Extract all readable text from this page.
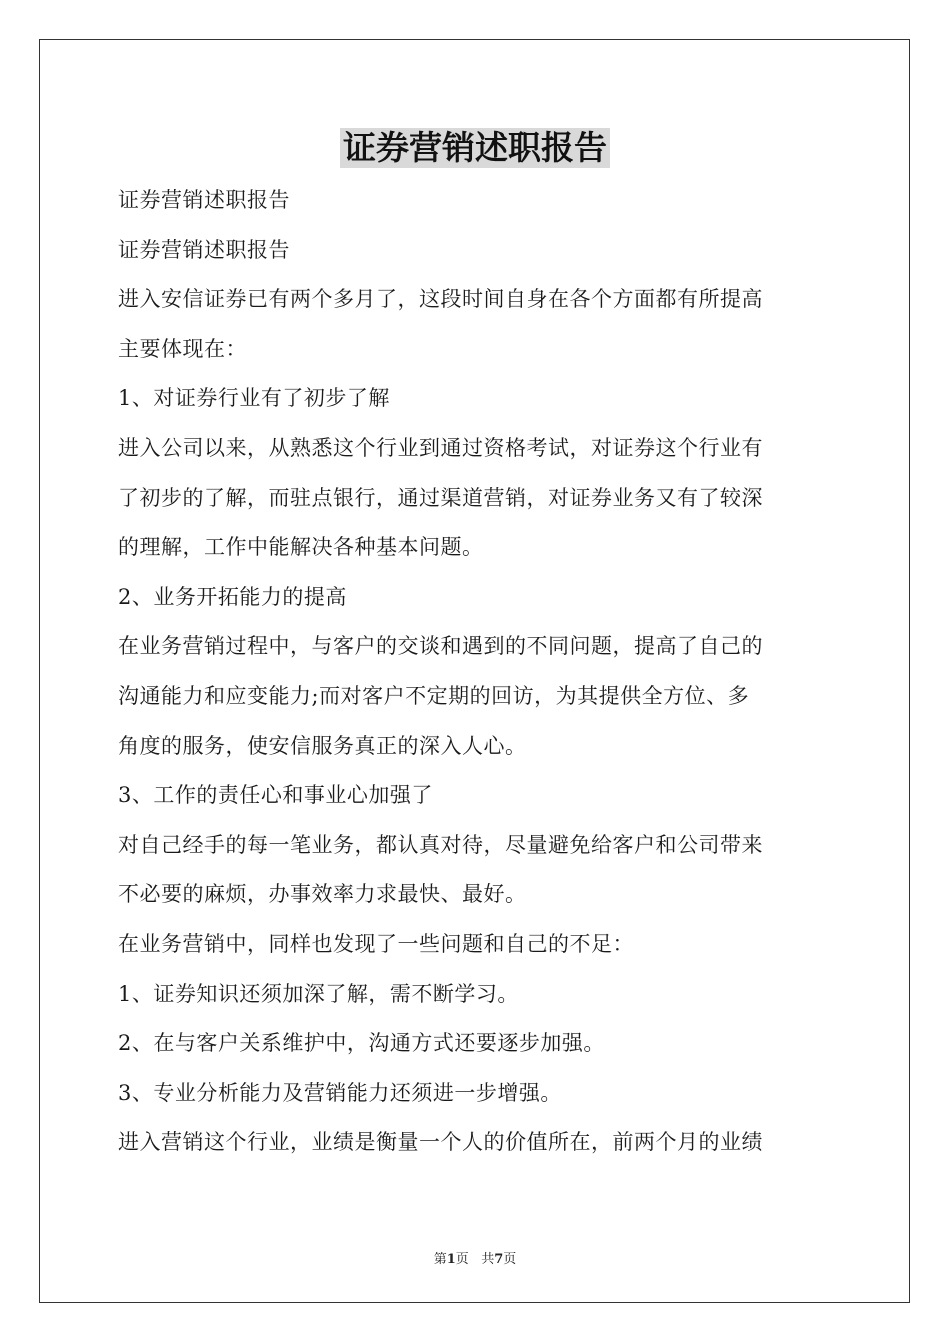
证券营销述职报告

证券营销述职报告

证券营销述职报告

进入安信证券已有两个多月了，这段时间自身在各个方面都有所提高

主要体现在：

1、对证券行业有了初步了解

进入公司以来，从熟悉这个行业到通过资格考试，对证券这个行业有

了初步的了解，而驻点银行，通过渠道营销，对证券业务又有了较深

的理解，工作中能解决各种基本问题。

2、业务开拓能力的提高

在业务营销过程中，与客户的交谈和遇到的不同问题，提高了自己的

沟通能力和应变能力;而对客户不定期的回访，为其提供全方位、多

角度的服务，使安信服务真正的深入人心。

3、工作的责任心和事业心加强了

对自己经手的每一笔业务，都认真对待，尽量避免给客户和公司带来

不必要的麻烦，办事效率力求最快、最好。

在业务营销中，同样也发现了一些问题和自己的不足：

1、证券知识还须加深了解，需不断学习。

2、在与客户关系维护中，沟通方式还要逐步加强。

3、专业分析能力及营销能力还须进一步增强。

进入营销这个行业，业绩是衡量一个人的价值所在，前两个月的业绩

第1页 共7页
